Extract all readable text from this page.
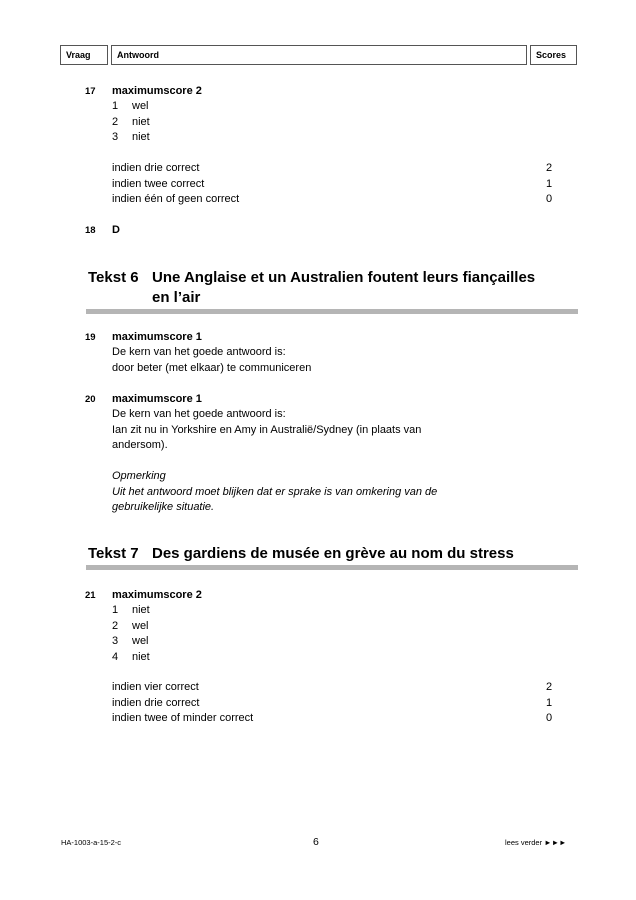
Vraag	Antwoord	Scores
17 maximumscore 2
1 wel
2 niet
3 niet
indien drie correct	2
indien twee correct	1
indien één of geen correct	0
18 D
Tekst 6 Une Anglaise et un Australien foutent leurs fiançailles
en l’air
19 maximumscore 1
De kern van het goede antwoord is:
door beter (met elkaar) te communiceren
20 maximumscore 1
De kern van het goede antwoord is:
Ian zit nu in Yorkshire en Amy in Australië/Sydney (in plaats van
andersom).
Opmerking
Uit het antwoord moet blijken dat er sprake is van omkering van de
gebruikelijke situatie.
Tekst 7 Des gardiens de musée en grève au nom du stress
21 maximumscore 2
1 niet
2 wel
3 wel
4 niet
indien vier correct	2
indien drie correct	1
indien twee of minder correct	0
HA-1003-a-15-2-c	6	lees verder ►►►
